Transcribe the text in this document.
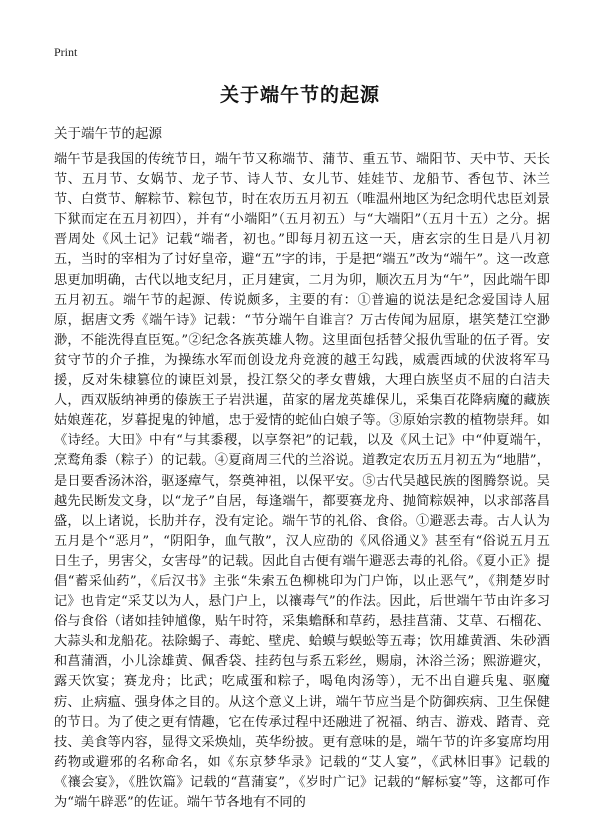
Print
关于端午节的起源

关于端午节的起源

端午节是我国的传统节日，端午节又称端节、蒲节、重五节、端阳节、天中节、天长节、五月节、女娲节、龙子节、诗人节、女儿节、娃娃节、龙船节、香包节、沐兰节、白赏节、解粽节、粽包节，时在农历五月初五（唯温州地区为纪念明代忠臣刘景下狱而定在五月初四），并有“小端阳”（五月初五）与“大端阳”（五月十五）之分。据晋周处《风土记》记载“端者，初也。”即每月初五这一天，唐玄宗的生日是八月初五，当时的宰相为了讨好皇帝，避“五”字的讳，于是把“端五”改为“端午”。这一改意思更加明确，古代以地支纪月，正月建寅，二月为卯，顺次五月为“午”，因此端午即五月初五。端午节的起源、传说颇多，主要的有：①普遍的说法是纪念爱国诗人屈原，据唐文秀《端午诗》记载：“节分端午自谁言？万古传闻为屈原，堪笑楚江空渺渺，不能洗得直臣冤。”②纪念各族英雄人物。这里面包括替父报仇雪耻的伍子胥。安贫守节的介子推，为操练水军而创设龙舟竞渡的越王勾践，威震西域的伏波将军马援，反对朱棣篡位的谏臣刘景，投江祭父的孝女曹娥，大理白族坚贞不屈的白洁夫人，西双版纳神勇的傣族王子岩洪暹，苗家的屠龙英雄保儿，采集百花降病魔的藏族姑娘莲花，岁暮捉鬼的钟馗，忠于爱情的蛇仙白娘子等。③原始宗教的植物崇拜。如《诗经。大田》中有“与其黍稷，以享祭祀”的记载，以及《风土记》中“仲夏端午，烹鹜角黍（粽子）的记载。④夏商周三代的兰浴说。道教定农历五月初五为“地腊”，是日要香汤沐浴，驱逐瘴气，祭奠神祖，以保平安。⑤古代吴越民族的图腾祭说。吴越先民断发文身，以“龙子”自居，每逢端午，都要赛龙舟、抛简粽娱神，以求部落昌盛，以上诸说，长肋并存，没有定论。端午节的礼俗、食俗。①避恶去毒。古人认为五月是个“恶月”，“阴阳争，血气散”，汉人应劭的《风俗通义》甚至有“俗说五月五日生子，男害父，女害母”的记载。因此自古便有端午避恶去毒的礼俗。《夏小正》提倡“蓄采仙药”，《后汉书》主张“朱索五色柳桃印为门户饰，以止恶气”，《荆楚岁时记》也肯定“采艾以为人，悬门户上，以禳毒气”的作法。因此，后世端午节由许多习俗与食俗（诸如挂钟馗像，贴午时符，采集蟾酥和草药，悬挂菖蒲、艾草、石榴花、大蒜头和龙船花。祛除蝎子、毒蛇、壁虎、蛤蟆与蜈蚣等五毒；饮用雄黄酒、朱砂酒和菖蒲酒，小儿涂雄黄、佩香袋、挂药包与系五彩丝，赐扇，沐浴兰汤；熙游避灾，露天饮宴；赛龙舟；比武；吃咸蛋和粽子，喝龟肉汤等），无不出自避兵鬼、驱魔疠、止病瘟、强身体之目的。从这个意义上讲，端午节应当是个防御疾病、卫生保健的节日。为了使之更有情趣，它在传承过程中还融进了祝福、纳吉、游戏、踏青、竞技、美食等内容，显得文采焕灿，英华纷披。更有意味的是，端午节的许多宴席均用药物或避邪的名称命名，如《东京梦华录》记载的“艾人宴”，《武林旧事》记载的《禳会宴》，《胜饮篇》记载的“菖蒲宴”，《岁时广记》记载的“解标宴”等，这都可作为“端午辟恶”的佐证。端午节各地有不同的
